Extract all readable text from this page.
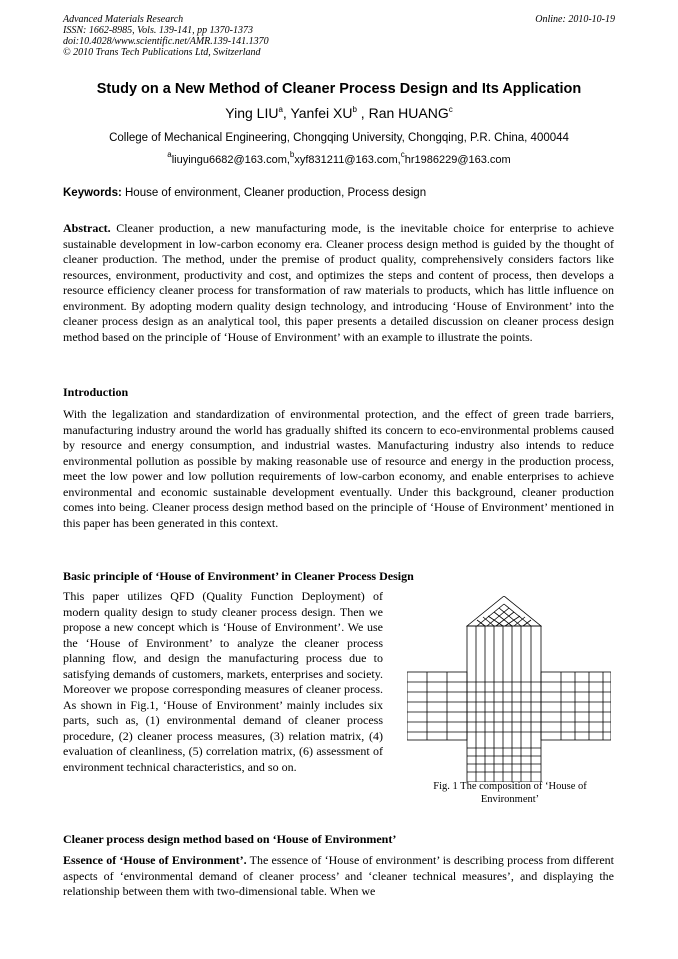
Advanced Materials Research
ISSN: 1662-8985, Vols. 139-141, pp 1370-1373
doi:10.4028/www.scientific.net/AMR.139-141.1370
© 2010 Trans Tech Publications Ltd, Switzerland
Online: 2010-10-19
Study on a New Method of Cleaner Process Design and Its Application
Ying LIU$^a$, Yanfei $XU^b$ , Ran HUANG$^c$
College of Mechanical Engineering, Chongqing University, Chongqing, P.R. China, 400044
$^a$liuyingu6682@163.com,$^b$xyf831211@163.com,$^c$hr1986229@163.com
Keywords: House of environment, Cleaner production, Process design
Abstract. Cleaner production, a new manufacturing mode, is the inevitable choice for enterprise to achieve sustainable development in low-carbon economy era. Cleaner process design method is guided by the thought of cleaner production. The method, under the premise of product quality, comprehensively considers factors like resources, environment, productivity and cost, and optimizes the steps and content of process, then develops a resource efficiency cleaner process for transformation of raw materials to products, which has little influence on environment. By adopting modern quality design technology, and introducing ‘House of Environment’ into the cleaner process design as an analytical tool, this paper presents a detailed discussion on cleaner process design method based on the principle of ‘House of Environment’ with an example to illustrate the points.
Introduction
With the legalization and standardization of environmental protection, and the effect of green trade barriers, manufacturing industry around the world has gradually shifted its concern to eco-environmental problems caused by resource and energy consumption, and industrial wastes. Manufacturing industry also intends to reduce environmental pollution as possible by making reasonable use of resource and energy in the production process, meet the low power and low pollution requirements of low-carbon economy, and enable enterprises to achieve environmental and economic sustainable development eventually. Under this background, cleaner production comes into being. Cleaner process design method based on the principle of ‘House of Environment’ mentioned in this paper has been generated in this context.
Basic principle of ‘House of Environment’ in Cleaner Process Design
This paper utilizes QFD (Quality Function Deployment) of modern quality design to study cleaner process design. Then we propose a new concept which is ‘House of Environment’. We use the ‘House of Environment’ to analyze the cleaner process planning flow, and design the manufacturing process due to satisfying demands of customers, markets, enterprises and society. Moreover we propose corresponding measures of cleaner process. As shown in Fig.1, ‘House of Environment’ mainly includes six parts, such as, (1) environmental demand of cleaner process procedure, (2) cleaner process measures, (3) relation matrix, (4) evaluation of cleanliness, (5) correlation matrix, (6) assessment of environment technical characteristics, and so on.
Fig. 1 The composition of ‘House of
Environment’
Cleaner process design method based on ‘House of Environment’
Essence of ‘House of Environment’. The essence of ‘House of environment’ is describing process from different aspects of ‘environmental demand of cleaner process’ and ‘cleaner technical measures’, and displaying the relationship between them with two-dimensional table. When we
